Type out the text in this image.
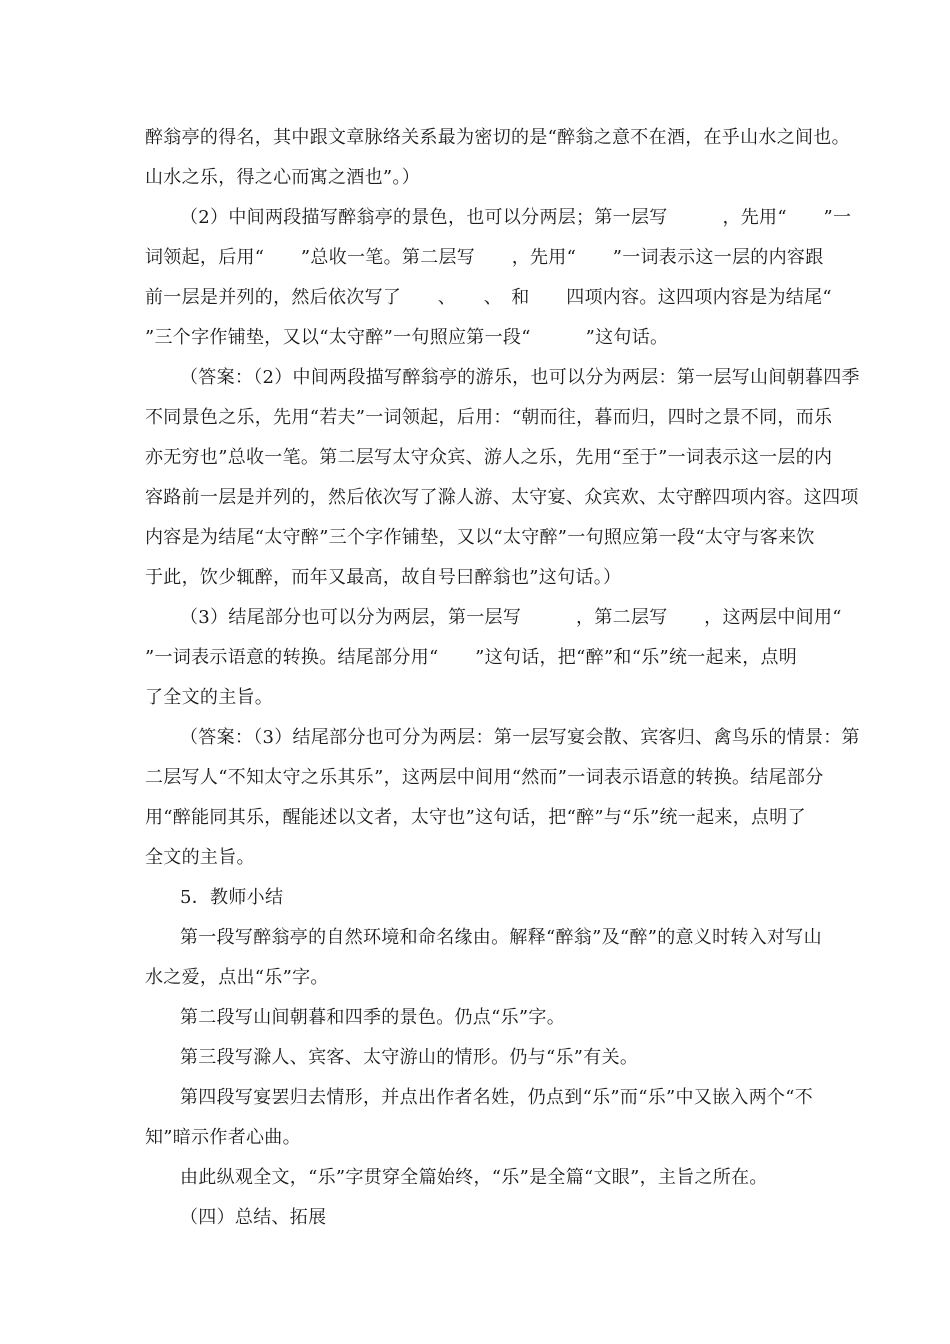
醉翁亭的得名，其中跟文章脉络关系最为密切的是“醉翁之意不在酒，在乎山水之间也。
山水之乐，得之心而寓之酒也”。）
（2）中间两段描写醉翁亭的景色，也可以分两层；第一层写　　　，先用“　　”一
词领起，后用“　　”总收一笔。第二层写　　，先用“　　”一词表示这一层的内容跟
前一层是并列的，然后依次写了　　、　　、　和　　四项内容。这四项内容是为结尾“
”三个字作铺垫，又以“太守醉”一句照应第一段“　　　”这句话。
（答案：（2）中间两段描写醉翁亭的游乐，也可以分为两层：第一层写山间朝暮四季
不同景色之乐，先用“若夫”一词领起，后用：“朝而往，暮而归，四时之景不同，而乐
亦无穷也”总收一笔。第二层写太守众宾、游人之乐，先用“至于”一词表示这一层的内
容路前一层是并列的，然后依次写了滁人游、太守宴、众宾欢、太守醉四项内容。这四项
内容是为结尾“太守醉”三个字作铺垫，又以“太守醉”一句照应第一段“太守与客来饮
于此，饮少辄醉，而年又最高，故自号曰醉翁也”这句话。）
（3）结尾部分也可以分为两层，第一层写　　　，第二层写　　，这两层中间用“
”一词表示语意的转换。结尾部分用“　　”这句话，把“醉”和“乐”统一起来，点明
了全文的主旨。
（答案：（3）结尾部分也可分为两层：第一层写宴会散、宾客归、禽鸟乐的情景：第
二层写人“不知太守之乐其乐”，这两层中间用“然而”一词表示语意的转换。结尾部分
用“醉能同其乐，醒能述以文者，太守也”这句话，把“醉”与“乐”统一起来，点明了
全文的主旨。
5．教师小结
第一段写醉翁亭的自然环境和命名缘由。解释“醉翁”及“醉”的意义时转入对写山
水之爱，点出“乐”字。
第二段写山间朝暮和四季的景色。仍点“乐”字。
第三段写滁人、宾客、太守游山的情形。仍与“乐”有关。
第四段写宴罢归去情形，并点出作者名姓，仍点到“乐”而“乐”中又嵌入两个“不
知”暗示作者心曲。
由此纵观全文，“乐”字贯穿全篇始终，“乐”是全篇“文眼”，主旨之所在。
（四）总结、拓展
